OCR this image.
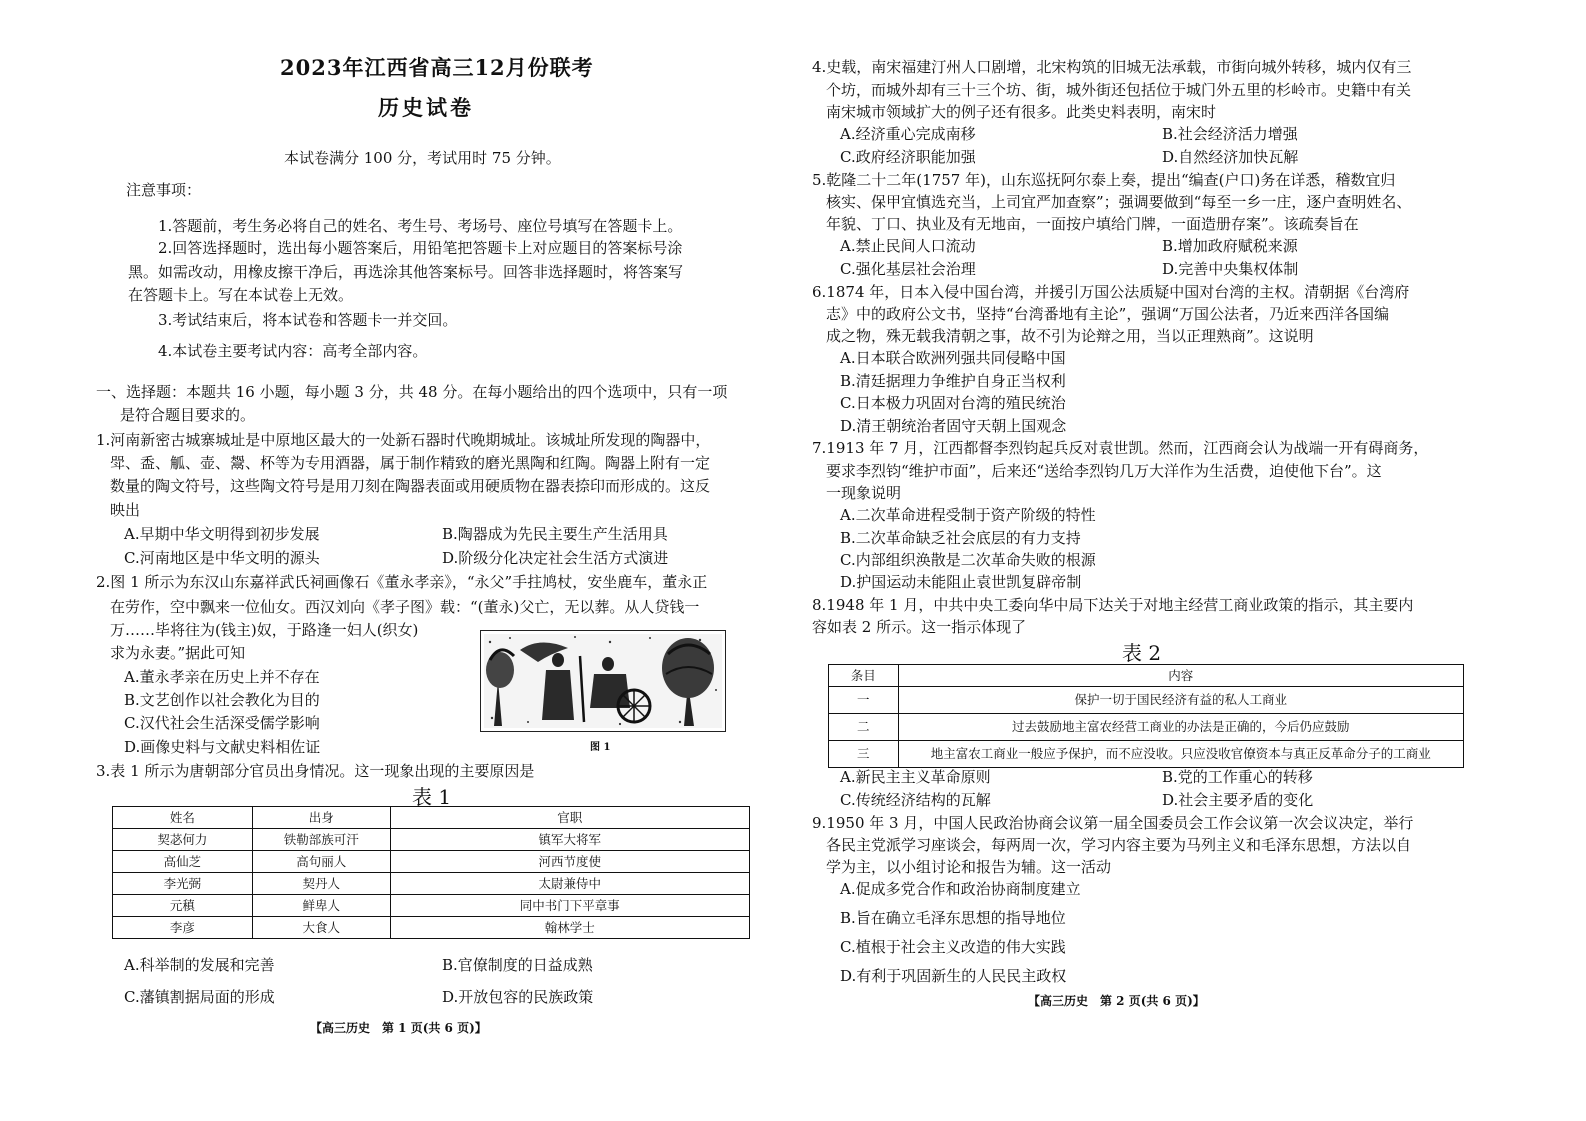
2023年江西省高三12月份联考
历史试卷
本试卷满分 100 分，考试用时 75 分钟。
注意事项：
1.答题前，考生务必将自己的姓名、考生号、考场号、座位号填写在答题卡上。
2.回答选择题时，选出每小题答案后，用铅笔把答题卡上对应题目的答案标号涂
黑。如需改动，用橡皮擦干净后，再选涂其他答案标号。回答非选择题时，将答案写
在答题卡上。写在本试卷上无效。
3.考试结束后，将本试卷和答题卡一并交回。
4.本试卷主要考试内容：高考全部内容。
一、选择题：本题共 16 小题，每小题 3 分，共 48 分。在每小题给出的四个选项中，只有一项
是符合题目要求的。
1.河南新密古城寨城址是中原地区最大的一处新石器时代晚期城址。该城址所发现的陶器中，
斝、盉、觚、壶、鬶、杯等为专用酒器，属于制作精致的磨光黑陶和红陶。陶器上附有一定
数量的陶文符号，这些陶文符号是用刀刻在陶器表面或用硬质物在器表捺印而形成的。这反
映出
A.早期中华文明得到初步发展	B.陶器成为先民主要生产生活用具
C.河南地区是中华文明的源头	D.阶级分化决定社会生活方式演进
2.图 1 所示为东汉山东嘉祥武氏祠画像石《董永孝亲》，“永父”手拄鸠杖，安坐鹿车，董永正
在劳作，空中飘来一位仙女。西汉刘向《孝子图》载：“(董永)父亡，无以葬。从人贷钱一
万……毕将往为(钱主)奴，于路逢一妇人(织女)
求为永妻。”据此可知
A.董永孝亲在历史上并不存在
B.文艺创作以社会教化为目的
C.汉代社会生活深受儒学影响
D.画像史料与文献史料相佐证	图 1
3.表 1 所示为唐朝部分官员出身情况。这一现象出现的主要原因是
表 1
姓名	出身	官职
契苾何力	铁勒部族可汗	镇军大将军
高仙芝	高句丽人	河西节度使
李光弼	契丹人	太尉兼侍中
元稹	鲜卑人	同中书门下平章事
李彦	大食人	翰林学士
A.科举制的发展和完善	B.官僚制度的日益成熟
C.藩镇割据局面的形成	D.开放包容的民族政策
【高三历史　第 1 页(共 6 页)】
4.史载，南宋福建汀州人口剧增，北宋构筑的旧城无法承载，市街向城外转移，城内仅有三
个坊，而城外却有三十三个坊、街，城外街还包括位于城门外五里的杉岭市。史籍中有关
南宋城市领域扩大的例子还有很多。此类史料表明，南宋时
A.经济重心完成南移	B.社会经济活力增强
C.政府经济职能加强	D.自然经济加快瓦解
5.乾隆二十二年(1757 年)，山东巡抚阿尔泰上奏，提出“编查(户口)务在详悉，稽数宜归
核实、保甲宜慎选充当，上司宜严加查察”；强调要做到“每至一乡一庄，逐户查明姓名、
年貌、丁口、执业及有无地亩，一面按户填给门牌，一面造册存案”。该疏奏旨在
A.禁止民间人口流动	B.增加政府赋税来源
C.强化基层社会治理	D.完善中央集权体制
6.1874 年，日本入侵中国台湾，并援引万国公法质疑中国对台湾的主权。清朝据《台湾府
志》中的政府公文书，坚持“台湾番地有主论”，强调“万国公法者，乃近来西洋各国编
成之物，殊无载我清朝之事，故不引为论辩之用，当以正理熟商”。这说明
A.日本联合欧洲列强共同侵略中国
B.清廷据理力争维护自身正当权利
C.日本极力巩固对台湾的殖民统治
D.清王朝统治者固守天朝上国观念
7.1913 年 7 月，江西都督李烈钧起兵反对袁世凯。然而，江西商会认为战端一开有碍商务，
要求李烈钧“维护市面”，后来还“送给李烈钧几万大洋作为生活费，迫使他下台”。这
一现象说明
A.二次革命进程受制于资产阶级的特性
B.二次革命缺乏社会底层的有力支持
C.内部组织涣散是二次革命失败的根源
D.护国运动未能阻止袁世凯复辟帝制
8.1948 年 1 月，中共中央工委向华中局下达关于对地主经营工商业政策的指示，其主要内
容如表 2 所示。这一指示体现了
表 2
条目	内容
一	保护一切于国民经济有益的私人工商业
二	过去鼓励地主富农经营工商业的办法是正确的，今后仍应鼓励
三	地主富农工商业一般应予保护，而不应没收。只应没收官僚资本与真正反革命分子的工商业
A.新民主主义革命原则	B.党的工作重心的转移
C.传统经济结构的瓦解	D.社会主要矛盾的变化
9.1950 年 3 月，中国人民政治协商会议第一届全国委员会工作会议第一次会议决定，举行
各民主党派学习座谈会，每两周一次，学习内容主要为马列主义和毛泽东思想，方法以自
学为主，以小组讨论和报告为辅。这一活动
A.促成多党合作和政治协商制度建立
B.旨在确立毛泽东思想的指导地位
C.植根于社会主义改造的伟大实践
D.有利于巩固新生的人民民主政权
【高三历史　第 2 页(共 6 页)】
